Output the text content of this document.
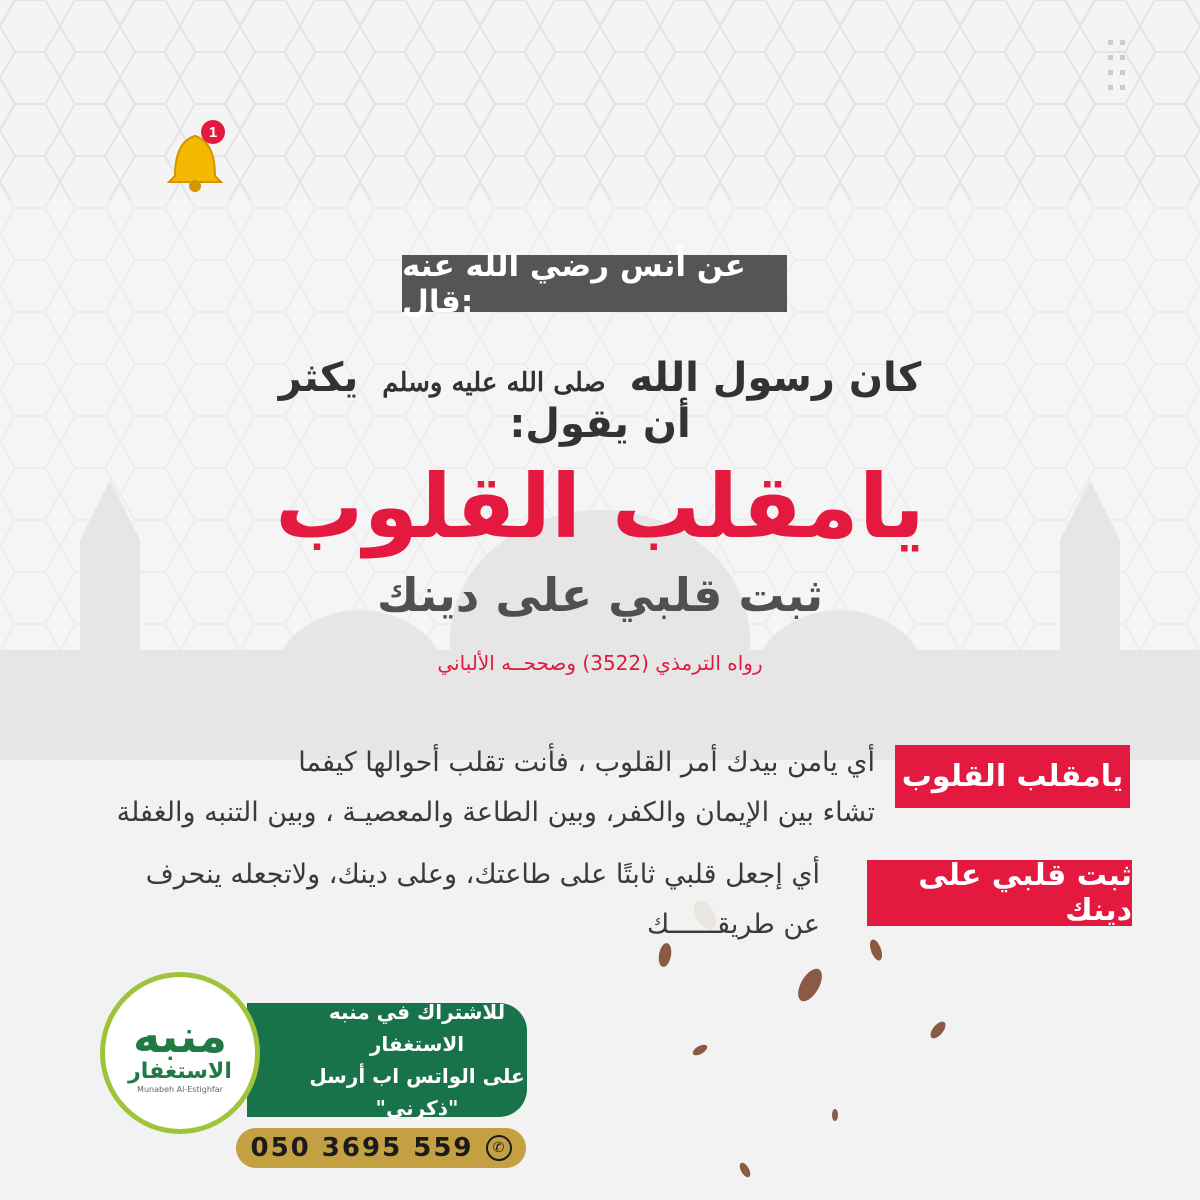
1
عن أنس رضي الله عنه قال:
كان رسول الله صلى الله عليه وسلم يكثر أن يقول:
يامقلب القلوب
ثبت قلبي على دينك
رواه الترمذي (3522) وصححــه الألباني
يامقلب القلوب
أي يامن بيدك أمر القلوب ، فأنت تقلب أحوالها كيفما
تشاء بين الإيمان والكفر، وبين الطاعة والمعصيـة ، وبين التنبه والغفلة
ثبت قلبي على دينك
أي إجعل قلبي ثابتًا على طاعتك، وعلى دينك، ولاتجعله ينحرف
عن طريقــــــك
للاشتراك في منبه الاستغفار
على الواتس اب أرسل "ذكرني"
منبه
الاستغفار
Munabeh Al-Estighfar
050 3695 559	✆
